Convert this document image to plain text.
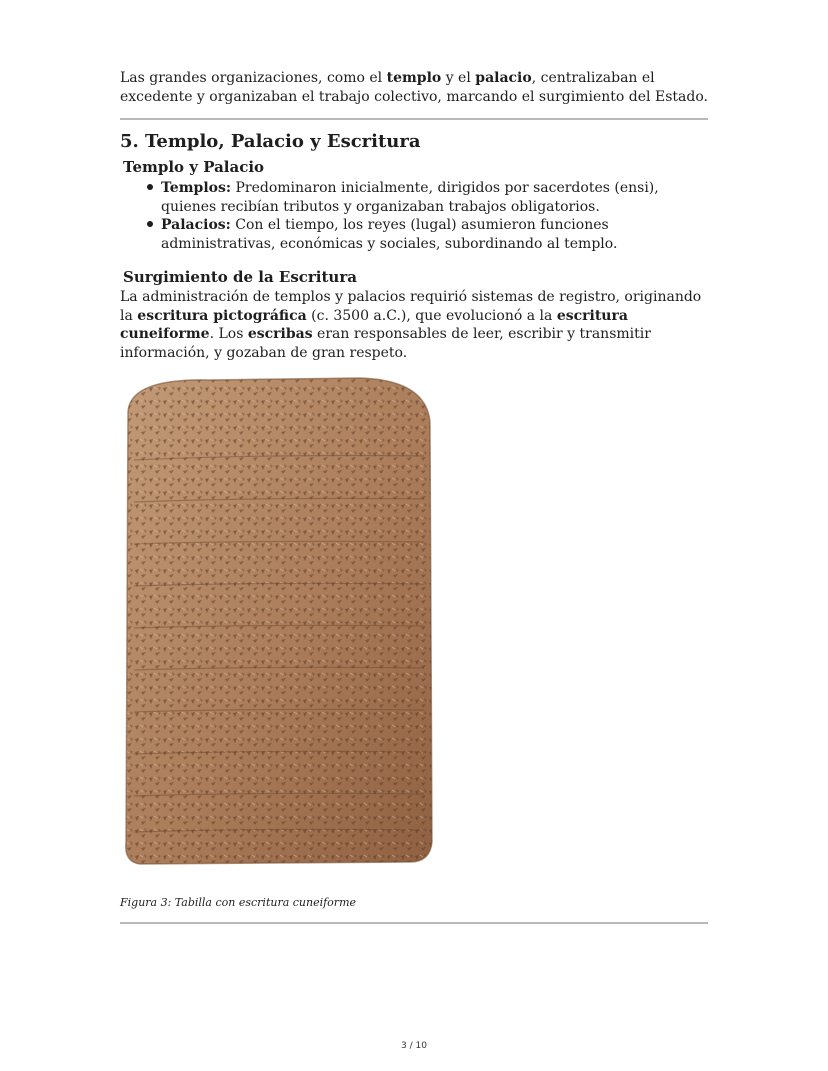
Las grandes organizaciones, como el templo y el palacio, centralizaban el excedente y organizaban el trabajo colectivo, marcando el surgimiento del Estado.

5. Templo, Palacio y Escritura
Templo y Palacio
Templos: Predominaron inicialmente, dirigidos por sacerdotes (ensi), quienes recibían tributos y organizaban trabajos obligatorios.
Palacios: Con el tiempo, los reyes (lugal) asumieron funciones administrativas, económicas y sociales, subordinando al templo.
Surgimiento de la Escritura

La administración de templos y palacios requirió sistemas de registro, originando la escritura pictográfica (c. 3500 a.C.), que evolucionó a la escritura cuneiforme. Los escribas eran responsables de leer, escribir y transmitir información, y gozaban de gran respeto.

Figura 3: Tabilla con escritura cuneiforme

3 / 10
